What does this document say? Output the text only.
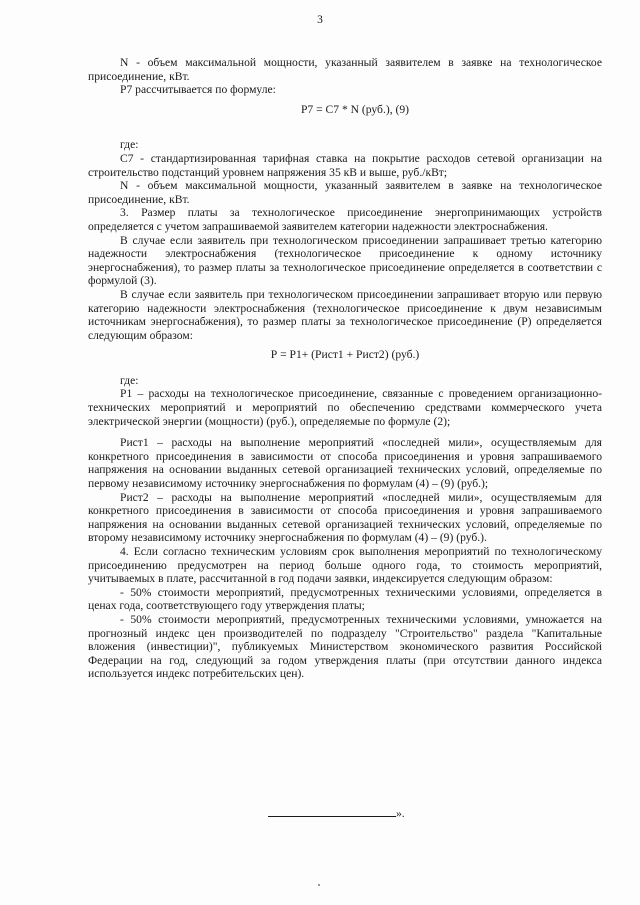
3

N - объем максимальной мощности, указанный заявителем в заявке на технологическое присоединение, кВт.

Р7 рассчитывается по формуле:

Р7 = С7 * N (руб.), (9)

где:

С7 - стандартизированная тарифная ставка на покрытие расходов сетевой организации на строительство подстанций уровнем напряжения 35 кВ и выше, руб./кВт;

N - объем максимальной мощности, указанный заявителем в заявке на технологическое присоединение, кВт.

3. Размер платы за технологическое присоединение энергопринимающих устройств определяется с учетом запрашиваемой заявителем категории надежности электроснабжения.

В случае если заявитель при технологическом присоединении запрашивает третью категорию надежности электроснабжения (технологическое присоединение к одному источнику энергоснабжения), то размер платы за технологическое присоединение определяется в соответствии с формулой (3).

В случае если заявитель при технологическом присоединении запрашивает вторую или первую категорию надежности электроснабжения (технологическое присоединение к двум независимым источникам энергоснабжения), то размер платы за технологическое присоединение (Р) определяется следующим образом:

Р = Р1+ (Рист1 + Рист2) (руб.)

где:

Р1 – расходы на технологическое присоединение, связанные с проведением организационно-технических мероприятий и мероприятий по обеспечению средствами коммерческого учета электрической энергии (мощности) (руб.), определяемые по формуле (2);

Рист1 – расходы на выполнение мероприятий «последней мили», осуществляемым для конкретного присоединения в зависимости от способа присоединения и уровня запрашиваемого напряжения на основании выданных сетевой организацией технических условий, определяемые по первому независимому источнику энергоснабжения по формулам (4) – (9) (руб.);

Рист2 – расходы на выполнение мероприятий «последней мили», осуществляемым для конкретного присоединения в зависимости от способа присоединения и уровня запрашиваемого напряжения на основании выданных сетевой организацией технических условий, определяемые по второму независимому источнику энергоснабжения по формулам (4) – (9) (руб.).

4. Если согласно техническим условиям срок выполнения мероприятий по технологическому присоединению предусмотрен на период больше одного года, то стоимость мероприятий, учитываемых в плате, рассчитанной в год подачи заявки, индексируется следующим образом:

- 50% стоимости мероприятий, предусмотренных техническими условиями, определяется в ценах года, соответствующего году утверждения платы;

- 50% стоимости мероприятий, предусмотренных техническими условиями, умножается на прогнозный индекс цен производителей по подразделу "Строительство" раздела "Капитальные вложения (инвестиции)", публикуемых Министерством экономического развития Российской Федерации на год, следующий за годом утверждения платы (при отсутствии данного индекса используется индекс потребительских цен).

».
